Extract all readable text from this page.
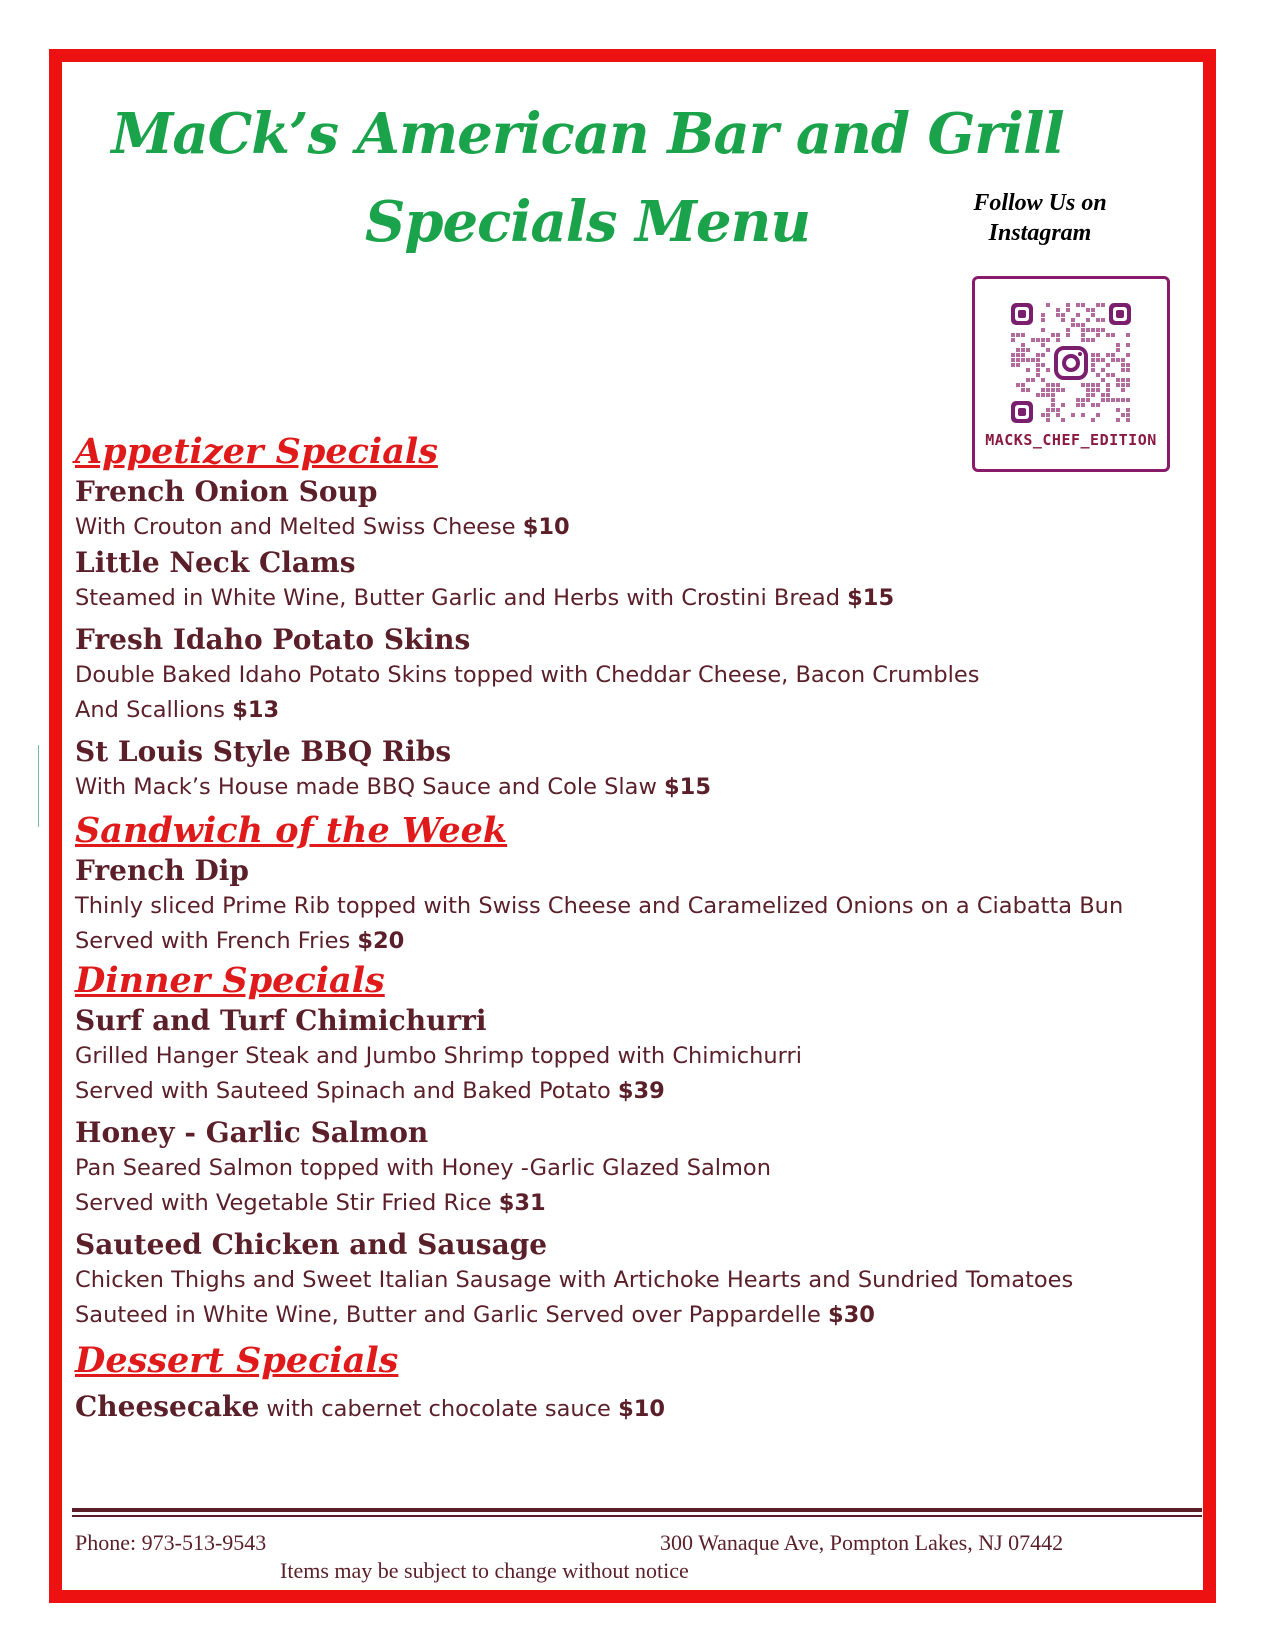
MaCk’s American Bar and Grill
Specials Menu	Follow Us on
Instagram
MACKS_CHEF_EDITION
Appetizer Specials
French Onion Soup

With Crouton and Melted Swiss Cheese $10

Little Neck Clams

Steamed in White Wine, Butter Garlic and Herbs with Crostini Bread $15

Fresh Idaho Potato Skins

Double Baked Idaho Potato Skins topped with Cheddar Cheese, Bacon Crumbles

And Scallions $13

St Louis Style BBQ Ribs

With Mack’s House made BBQ Sauce and Cole Slaw $15

Sandwich of the Week
French Dip

Thinly sliced Prime Rib topped with Swiss Cheese and Caramelized Onions on a Ciabatta Bun

Served with French Fries $20

Dinner Specials
Surf and Turf Chimichurri

Grilled Hanger Steak and Jumbo Shrimp topped with Chimichurri

Served with Sauteed Spinach and Baked Potato $39

Honey - Garlic Salmon

Pan Seared Salmon topped with Honey -Garlic Glazed Salmon

Served with Vegetable Stir Fried Rice $31

Sauteed Chicken and Sausage

Chicken Thighs and Sweet Italian Sausage with Artichoke Hearts and Sundried Tomatoes

Sauteed in White Wine, Butter and Garlic Served over Pappardelle $30

Dessert Specials

Cheesecake with cabernet chocolate sauce $10

Phone: 973-513-9543	300 Wanaque Ave, Pompton Lakes, NJ 07442
Items may be subject to change without notice
